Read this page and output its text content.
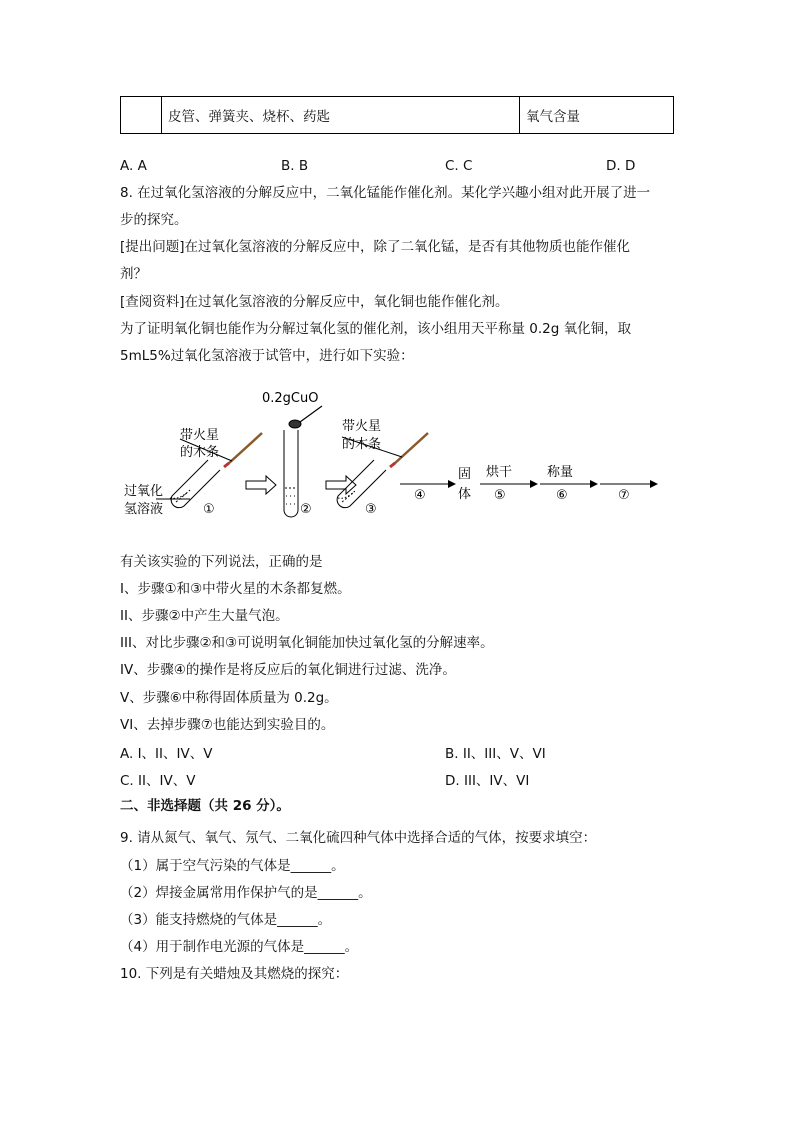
	皮管、弹簧夹、烧杯、药匙	氧气含量
A. A	B. B	C. C	D. D
8. 在过氧化氢溶液的分解反应中，二氧化锰能作催化剂。某化学兴趣小组对此开展了进一
步的探究。
[提出问题]在过氧化氢溶液的分解反应中，除了二氧化锰，是否有其他物质也能作催化
剂？
[查阅资料]在过氧化氢溶液的分解反应中，氧化铜也能作催化剂。
为了证明氧化铜也能作为分解过氧化氢的催化剂，该小组用天平称量 0.2g 氧化铜，取
5mL5%过氧化氢溶液于试管中，进行如下实验：
带火星
的木条
过氧化
氢溶液	①
0.2gCuO
②
带火星
的木条
③
④
固
体
烘干
⑤
称量
⑥	⑦
有关该实验的下列说法，正确的是
I、步骤①和③中带火星的木条都复燃。
II、步骤②中产生大量气泡。
III、对比步骤②和③可说明氧化铜能加快过氧化氢的分解速率。
IV、步骤④的操作是将反应后的氧化铜进行过滤、洗净。
V、步骤⑥中称得固体质量为 0.2g。
VI、去掉步骤⑦也能达到实验目的。
A. I、II、IV、V	B. II、III、V、VI
C. II、IV、V	D. III、IV、VI
二、非选择题（共 26 分）。
9. 请从氮气、氧气、氖气、二氧化硫四种气体中选择合适的气体，按要求填空：
（1）属于空气污染的气体是______。
（2）焊接金属常用作保护气的是______。
（3）能支持燃烧的气体是______。
（4）用于制作电光源的气体是______。
10. 下列是有关蜡烛及其燃烧的探究：
